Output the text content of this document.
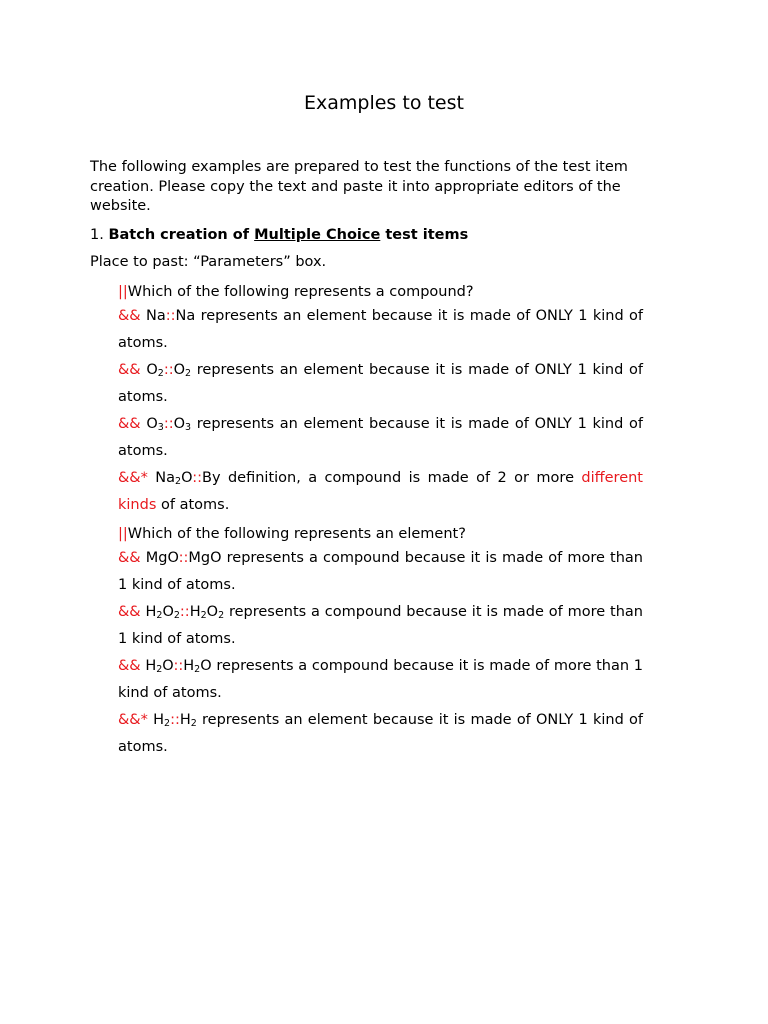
Examples to test

The following examples are prepared to test the functions of the test item creation. Please copy the text and paste it into appropriate editors of the website.

1. Batch creation of Multiple Choice test items

Place to past: “Parameters” box.

||Which of the following represents a compound?

&& Na::Na represents an element because it is made of ONLY 1 kind of atoms.

&& $O_2::O_2$ represents an element because it is made of ONLY 1 kind of atoms.

&& $O_3::O_3$ represents an element because it is made of ONLY 1 kind of atoms.

&&* $Na_2O::By$ definition, a compound is made of 2 or more different kinds of atoms.

||Which of the following represents an element?

&& MgO::MgO represents a compound because it is made of more than 1 kind of atoms.

&& $H_2O_2::H_2O_2$ represents a compound because it is made of more than 1 kind of atoms.

&& $H_2O::H_2O$ represents a compound because it is made of more than 1 kind of atoms.

&&* $H_2::H_2$ represents an element because it is made of ONLY 1 kind of atoms.
